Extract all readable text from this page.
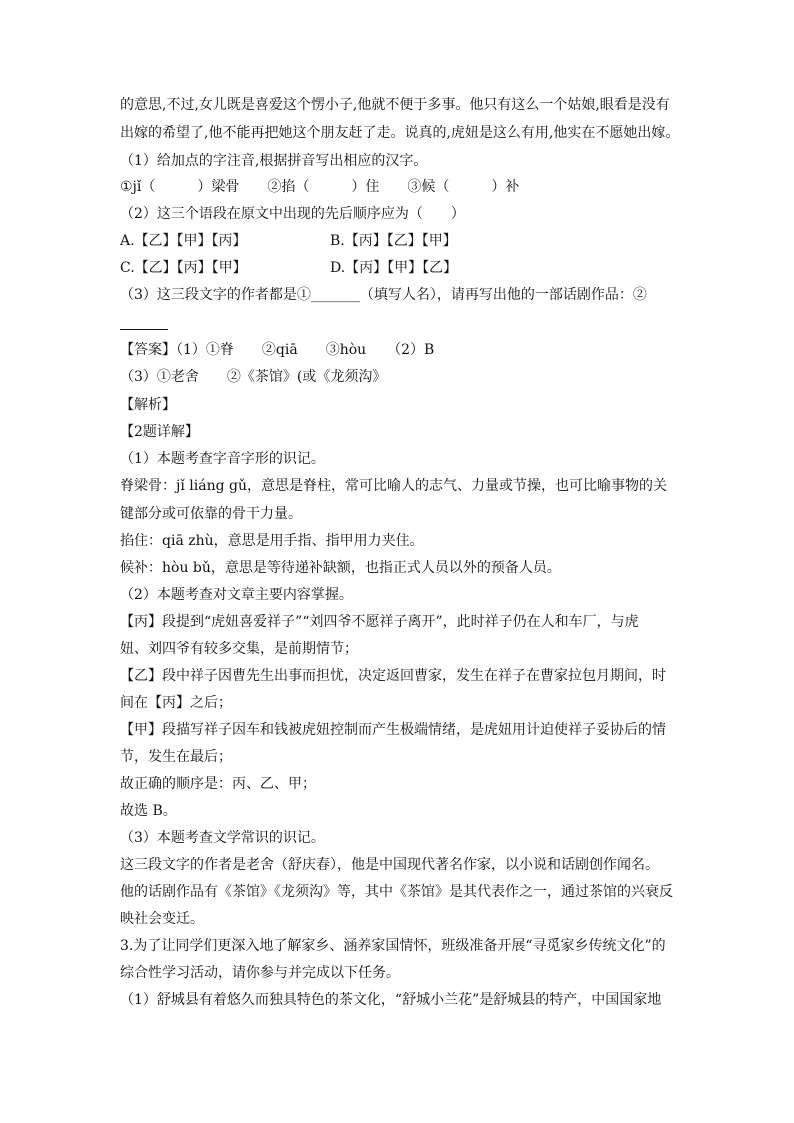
的意思,不过,女儿既是喜爱这个愣小子,他就不便于多事。他只有这么一个姑娘,眼看是没有
出嫁的希望了,他不能再把她这个朋友赶了走。说真的,虎妞是这么有用,他实在不愿她出嫁。
（1）给加点的字注音,根据拼音写出相应的汉字。
①jǐ（　　　）梁骨　　②掐（　　　）住　　③候（　　　）补
（2）这三个语段在原文中出现的先后顺序应为（　　）
A.【乙】【甲】【丙】	B.【丙】【乙】【甲】
C.【乙】【丙】【甲】	D.【丙】【甲】【乙】
（3）这三段文字的作者都是①_______（填写人名），请再写出他的一部话剧作品：②
【答案】（1）①脊　　②qiā　　③hòu　　（2）B
（3）①老舍　　②《茶馆》(或《龙须沟》
【解析】
【2题详解】
（1）本题考查字音字形的识记。
脊梁骨：jǐ liáng gǔ，意思是脊柱，常可比喻人的志气、力量或节操，也可比喻事物的关
键部分或可依靠的骨干力量。
掐住：qiā zhù，意思是用手指、指甲用力夹住。
候补：hòu bǔ，意思是等待递补缺额，也指正式人员以外的预备人员。
（2）本题考查对文章主要内容掌握。
【丙】段提到“虎妞喜爱祥子”“刘四爷不愿祥子离开”，此时祥子仍在人和车厂，与虎
妞、刘四爷有较多交集，是前期情节；
【乙】段中祥子因曹先生出事而担忧，决定返回曹家，发生在祥子在曹家拉包月期间，时
间在【丙】之后；
【甲】段描写祥子因车和钱被虎妞控制而产生极端情绪，是虎妞用计迫使祥子妥协后的情
节，发生在最后；
故正确的顺序是：丙、乙、甲；
故选 B。
（3）本题考查文学常识的识记。
这三段文字的作者是老舍（舒庆春），他是中国现代著名作家，以小说和话剧创作闻名。
他的话剧作品有《茶馆》《龙须沟》等，其中《茶馆》是其代表作之一，通过茶馆的兴衰反
映社会变迁。
3.为了让同学们更深入地了解家乡、涵养家国情怀，班级准备开展“寻觅家乡传统文化”的
综合性学习活动，请你参与并完成以下任务。
（1）舒城县有着悠久而独具特色的茶文化，“舒城小兰花”是舒城县的特产，中国国家地
